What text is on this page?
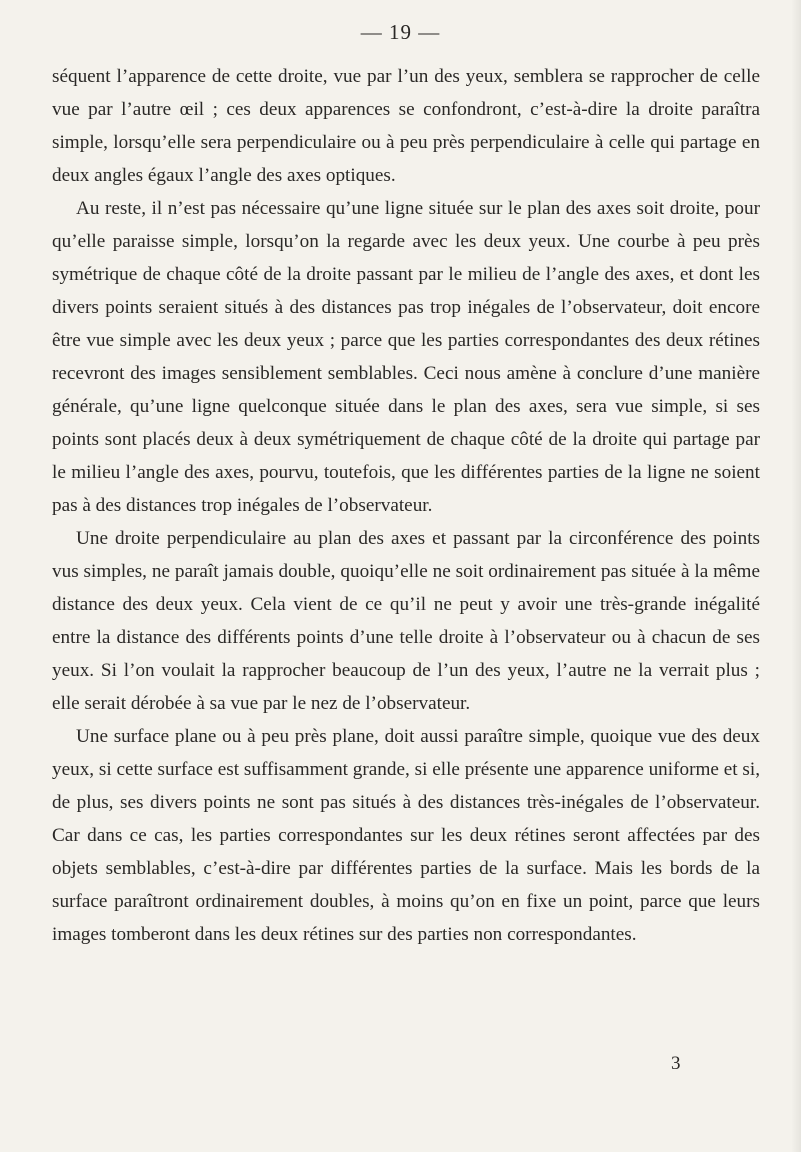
— 19 —

séquent l’apparence de cette droite, vue par l’un des yeux, semblera se rapprocher de celle vue par l’autre œil ; ces deux apparences se confondront, c’est-à-dire la droite paraîtra simple, lorsqu’elle sera perpendiculaire ou à peu près perpendiculaire à celle qui partage en deux angles égaux l’angle des axes optiques.

Au reste, il n’est pas nécessaire qu’une ligne située sur le plan des axes soit droite, pour qu’elle paraisse simple, lorsqu’on la regarde avec les deux yeux. Une courbe à peu près symétrique de chaque côté de la droite passant par le milieu de l’angle des axes, et dont les divers points seraient situés à des distances pas trop inégales de l’observateur, doit encore être vue simple avec les deux yeux ; parce que les parties correspondantes des deux rétines recevront des images sensiblement semblables. Ceci nous amène à conclure d’une manière générale, qu’une ligne quelconque située dans le plan des axes, sera vue simple, si ses points sont placés deux à deux symétriquement de chaque côté de la droite qui partage par le milieu l’angle des axes, pourvu, toutefois, que les différentes parties de la ligne ne soient pas à des distances trop inégales de l’observateur.

Une droite perpendiculaire au plan des axes et passant par la circonférence des points vus simples, ne paraît jamais double, quoiqu’elle ne soit ordinairement pas située à la même distance des deux yeux. Cela vient de ce qu’il ne peut y avoir une très-grande inégalité entre la distance des différents points d’une telle droite à l’observateur ou à chacun de ses yeux. Si l’on voulait la rapprocher beaucoup de l’un des yeux, l’autre ne la verrait plus ; elle serait dérobée à sa vue par le nez de l’observateur.

Une surface plane ou à peu près plane, doit aussi paraître simple, quoique vue des deux yeux, si cette surface est suffisamment grande, si elle présente une apparence uniforme et si, de plus, ses divers points ne sont pas situés à des distances très-inégales de l’observateur. Car dans ce cas, les parties correspondantes sur les deux rétines seront affectées par des objets semblables, c’est-à-dire par différentes parties de la surface. Mais les bords de la surface paraîtront ordinairement doubles, à moins qu’on en fixe un point, parce que leurs images tomberont dans les deux rétines sur des parties non correspondantes.

3
